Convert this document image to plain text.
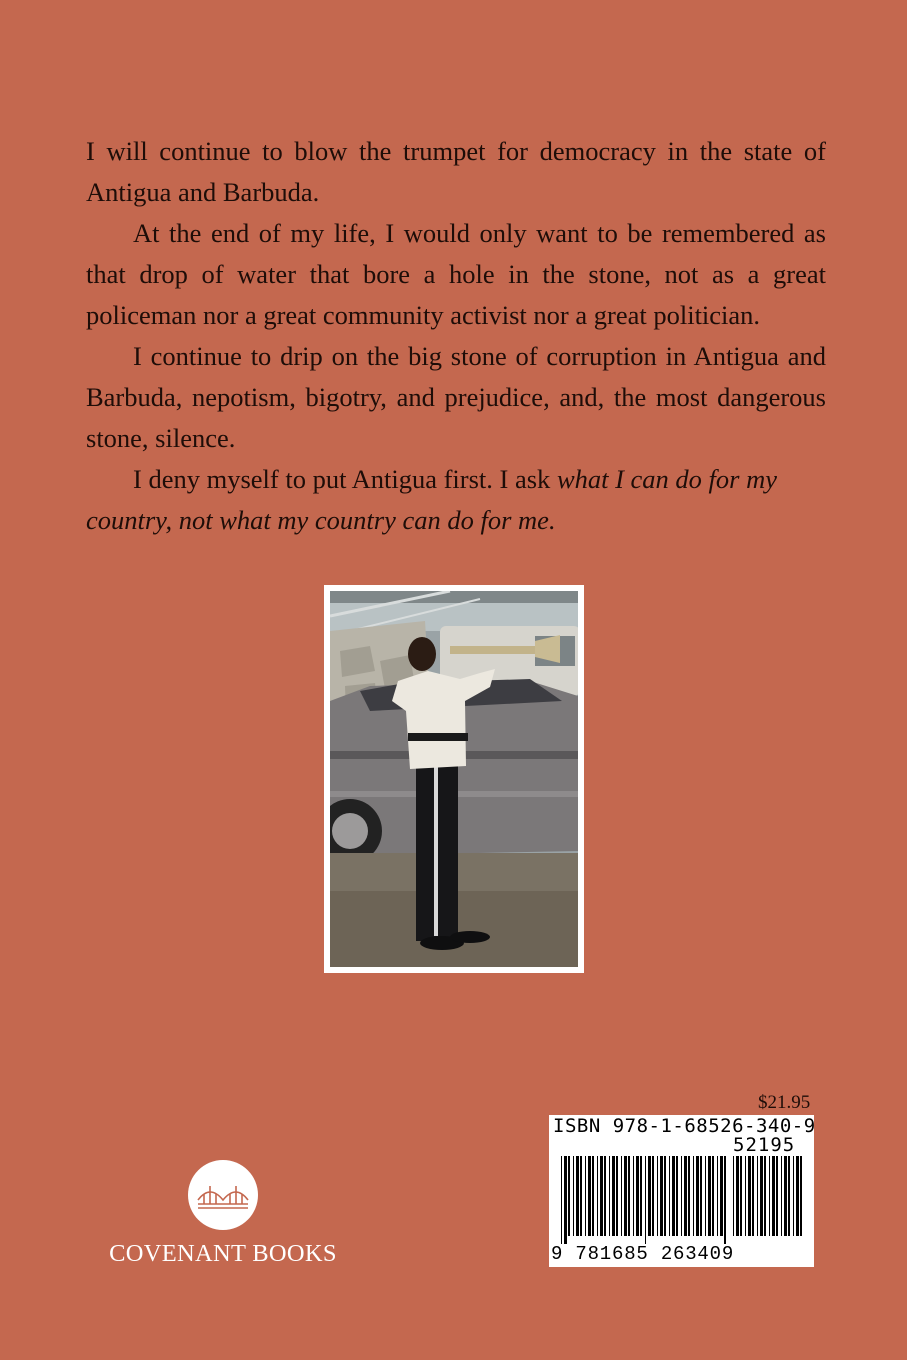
I will continue to blow the trumpet for democracy in the state of Antigua and Barbuda.

At the end of my life, I would only want to be remembered as that drop of water that bore a hole in the stone, not as a great policeman nor a great community activist nor a great politician.

I continue to drip on the big stone of corruption in Antigua and Barbuda, nepotism, bigotry, and prejudice, and, the most dangerous stone, silence.

I deny myself to put Antigua first. I ask what I can do for my country, not what my country can do for me.

$21.95
ISBN 978-1-68526-340-9
52195
9 781685 263409
COVENANT BOOKS
